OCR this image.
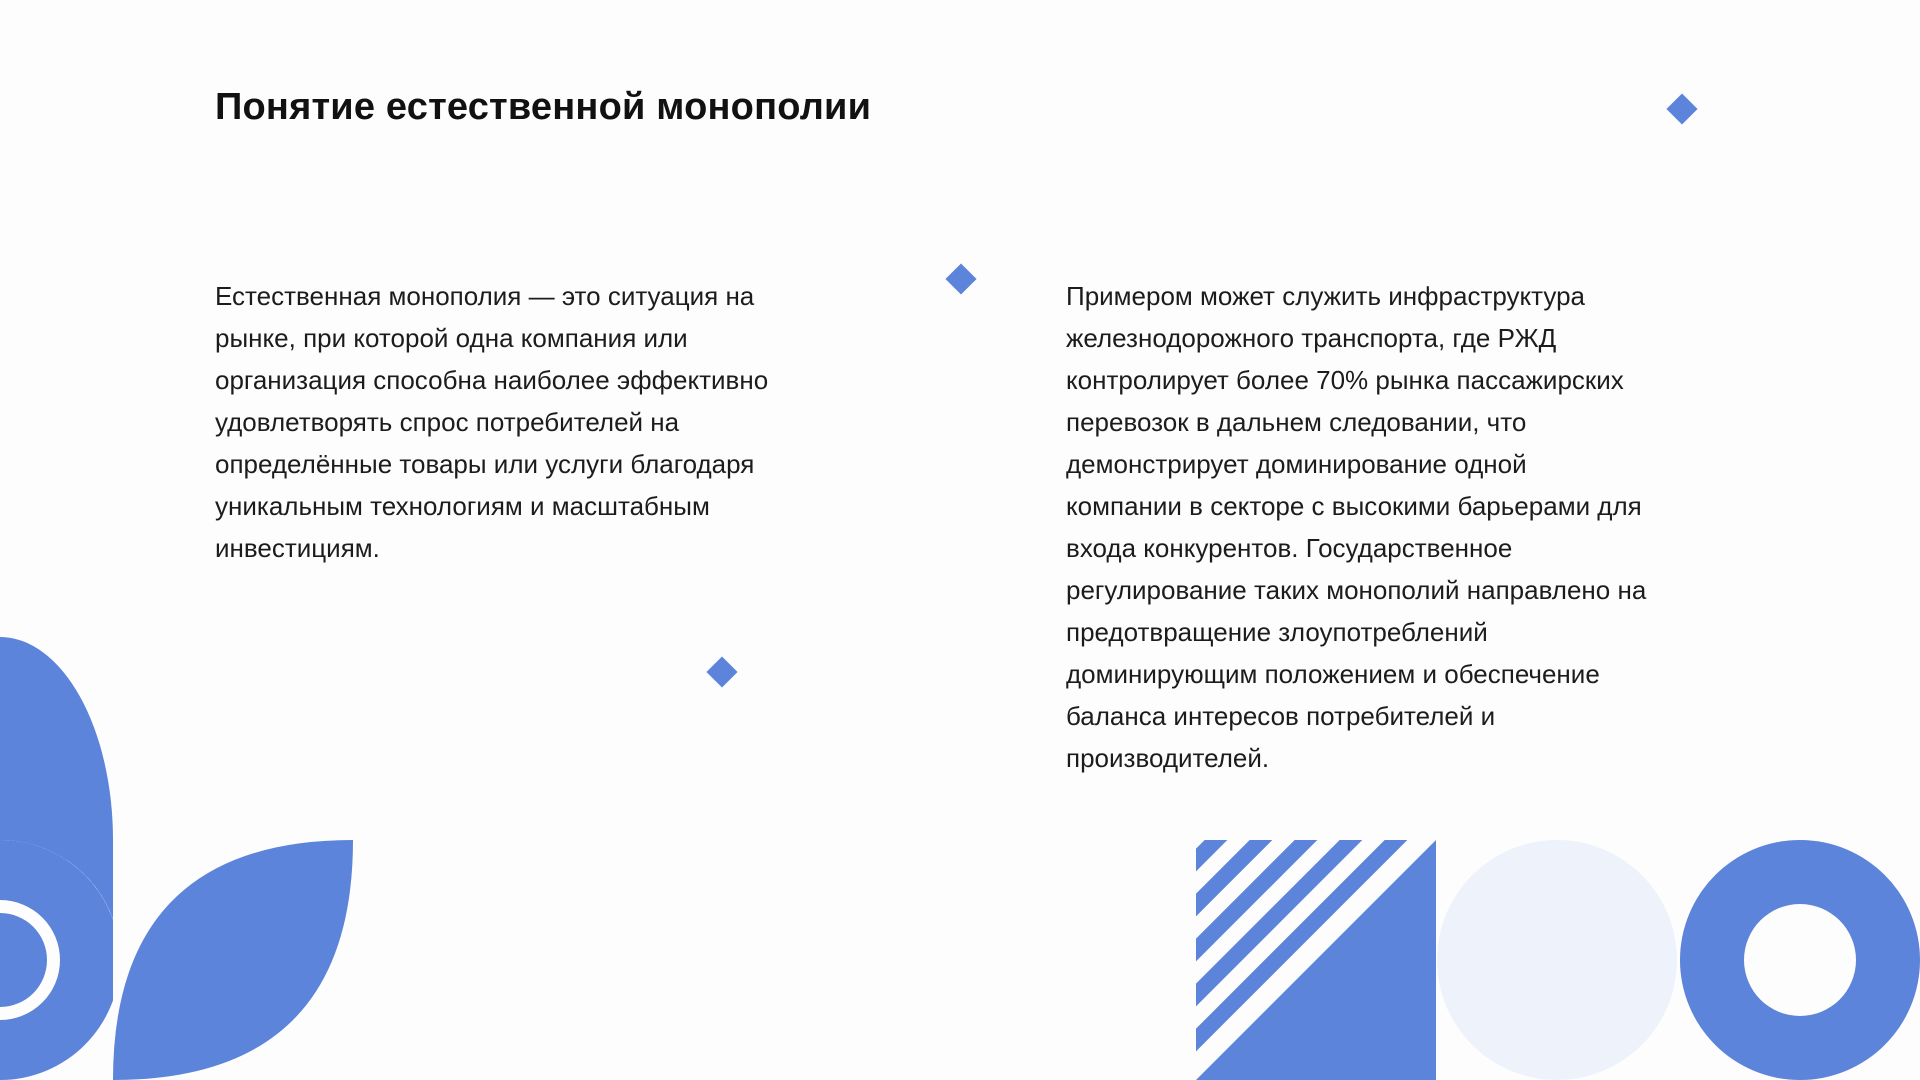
Понятие естественной монополии

Естественная монополия — это ситуация на
рынке, при которой одна компания или
организация способна наиболее эффективно
удовлетворять спрос потребителей на
определённые товары или услуги благодаря
уникальным технологиям и масштабным
инвестициям.

Примером может служить инфраструктура
железнодорожного транспорта, где РЖД
контролирует более 70% рынка пассажирских
перевозок в дальнем следовании, что
демонстрирует доминирование одной
компании в секторе с высокими барьерами для
входа конкурентов. Государственное
регулирование таких монополий направлено на
предотвращение злоупотреблений
доминирующим положением и обеспечение
баланса интересов потребителей и
производителей.
